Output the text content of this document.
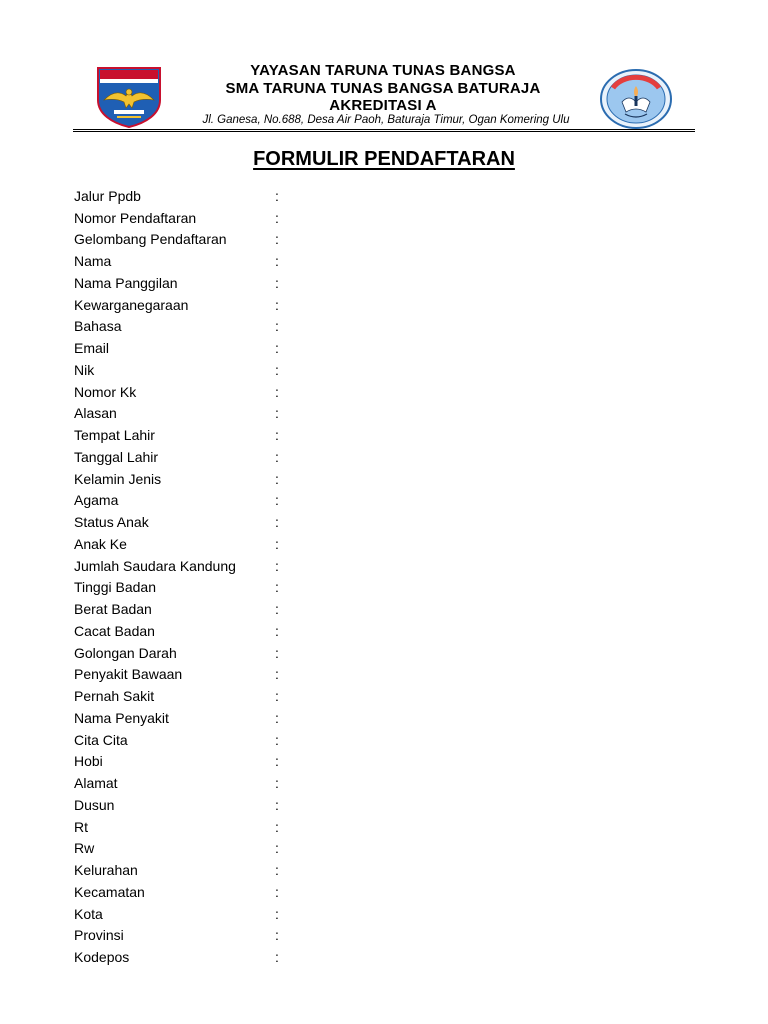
YAYASAN TARUNA TUNAS BANGSA
SMA TARUNA TUNAS BANGSA BATURAJA
AKREDITASI A
Jl. Ganesa, No.688, Desa Air Paoh, Baturaja Timur, Ogan Komering Ulu
FORMULIR PENDAFTARAN
Jalur Ppdb	:
Nomor Pendaftaran	:
Gelombang Pendaftaran	:
Nama	:
Nama Panggilan	:
Kewarganegaraan	:
Bahasa	:
Email	:
Nik	:
Nomor Kk	:
Alasan	:
Tempat Lahir	:
Tanggal Lahir	:
Kelamin Jenis	:
Agama	:
Status Anak	:
Anak Ke	:
Jumlah Saudara Kandung	:
Tinggi Badan	:
Berat Badan	:
Cacat Badan	:
Golongan Darah	:
Penyakit Bawaan	:
Pernah Sakit	:
Nama Penyakit	:
Cita Cita	:
Hobi	:
Alamat	:
Dusun	:
Rt	:
Rw	:
Kelurahan	:
Kecamatan	:
Kota	:
Provinsi	:
Kodepos	:
